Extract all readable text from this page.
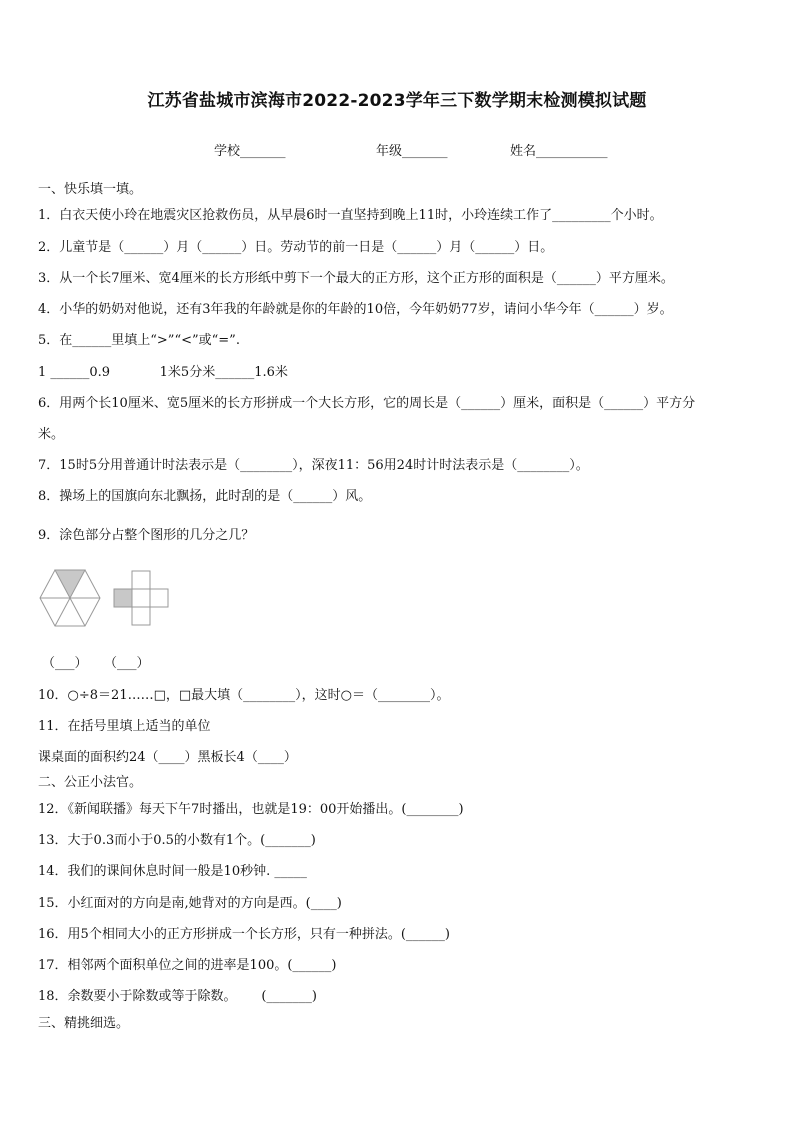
江苏省盐城市滨海市2022-2023学年三下数学期末检测模拟试题
学校_______	年级_______	姓名___________
一、快乐填一填。
1．白衣天使小玲在地震灾区抢救伤员，从早晨6时一直坚持到晚上11时，小玲连续工作了_________个小时。
2．儿童节是（______）月（______）日。劳动节的前一日是（______）月（______）日。
3．从一个长7厘米、宽4厘米的长方形纸中剪下一个最大的正方形，这个正方形的面积是（______）平方厘米。
4．小华的奶奶对他说，还有3年我的年龄就是你的年龄的10倍，今年奶奶77岁，请问小华今年（______）岁。
5．在______里填上“>”“<”或“=”.
1 ______0.9            1米5分米______1.6米
6．用两个长10厘米、宽5厘米的长方形拼成一个大长方形，它的周长是（______）厘米，面积是（______）平方分
米。
7．15时5分用普通计时法表示是（________），深夜11：56用24时计时法表示是（________）。
8．操场上的国旗向东北飘扬，此时刮的是（______）风。
9．涂色部分占整个图形的几分之几？
（___）    （___）
10．○÷8＝21……□，□最大填（________），这时○＝（________）。
11．在括号里填上适当的单位
课桌面的面积约24（____）黑板长4（____）
二、公正小法官。
12．《新闻联播》每天下午7时播出，也就是19：00开始播出。(________)
13．大于0.3而小于0.5的小数有1个。(_______)
14．我们的课间休息时间一般是10秒钟. _____
15．小红面对的方向是南,她背对的方向是西。(____)
16．用5个相同大小的正方形拼成一个长方形，只有一种拼法。(______)
17．相邻两个面积单位之间的进率是100。(______)
18．余数要小于除数或等于除数。      (_______)
三、精挑细选。
